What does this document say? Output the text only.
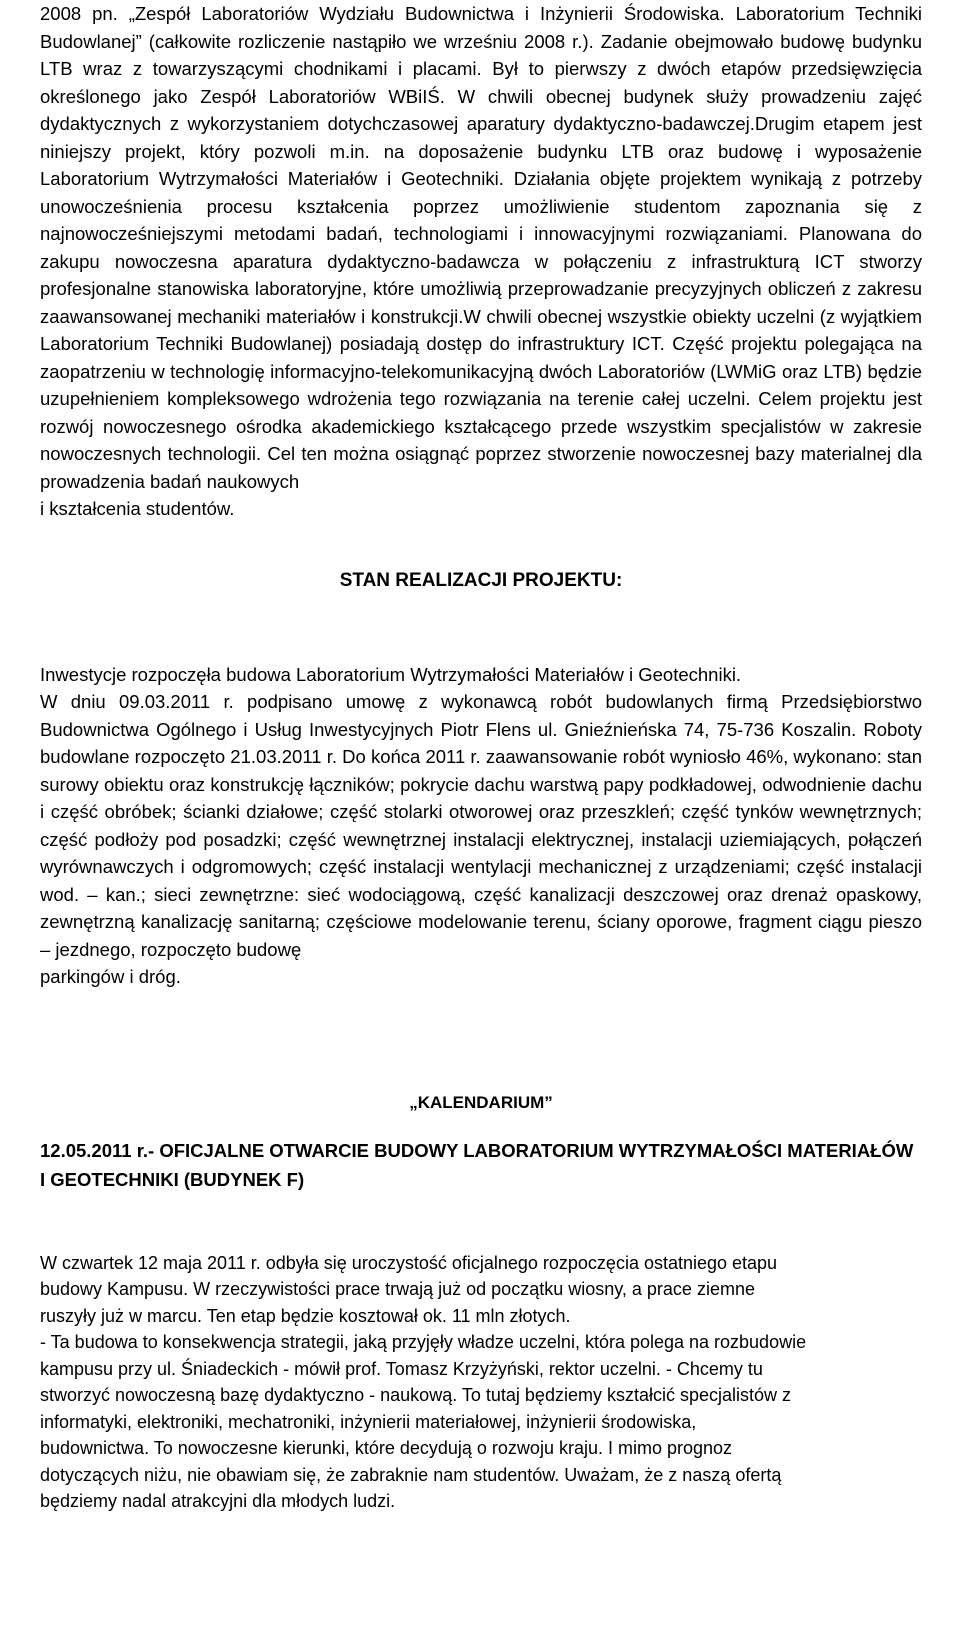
2008 pn. „Zespół Laboratoriów Wydziału Budownictwa i Inżynierii Środowiska. Laboratorium Techniki Budowlanej” (całkowite rozliczenie nastąpiło we wrześniu 2008 r.). Zadanie obejmowało budowę budynku LTB wraz z towarzyszącymi chodnikami i placami. Był to pierwszy z dwóch etapów przedsięwzięcia określonego jako Zespół Laboratoriów WBiIŚ. W chwili obecnej budynek służy prowadzeniu zajęć dydaktycznych z wykorzystaniem dotychczasowej aparatury dydaktyczno-badawczej.Drugim etapem jest niniejszy projekt, który pozwoli m.in. na doposażenie budynku LTB oraz budowę i wyposażenie Laboratorium Wytrzymałości Materiałów i Geotechniki. Działania objęte projektem wynikają z potrzeby unowocześnienia procesu kształcenia poprzez umożliwienie studentom zapoznania się z najnowocześniejszymi metodami badań, technologiami i innowacyjnymi rozwiązaniami. Planowana do zakupu nowoczesna aparatura dydaktyczno-badawcza w połączeniu z infrastrukturą ICT stworzy profesjonalne stanowiska laboratoryjne, które umożliwią przeprowadzanie precyzyjnych obliczeń z zakresu zaawansowanej mechaniki materiałów i konstrukcji.W chwili obecnej wszystkie obiekty uczelni (z wyjątkiem Laboratorium Techniki Budowlanej) posiadają dostęp do infrastruktury ICT. Część projektu polegająca na zaopatrzeniu w technologię informacyjno-telekomunikacyjną dwóch Laboratoriów (LWMiG oraz LTB) będzie uzupełnieniem kompleksowego wdrożenia tego rozwiązania na terenie całej uczelni. Celem projektu jest rozwój nowoczesnego ośrodka akademickiego kształcącego przede wszystkim specjalistów w zakresie nowoczesnych technologii. Cel ten można osiągnąć poprzez stworzenie nowoczesnej bazy materialnej dla prowadzenia badań naukowych

i kształcenia studentów.

STAN REALIZACJI PROJEKTU:

Inwestycje rozpoczęła budowa Laboratorium Wytrzymałości Materiałów i Geotechniki.

W dniu 09.03.2011 r. podpisano umowę z wykonawcą robót budowlanych firmą Przedsiębiorstwo Budownictwa Ogólnego i Usług Inwestycyjnych Piotr Flens ul. Gnieźnieńska 74, 75-736 Koszalin. Roboty budowlane rozpoczęto 21.03.2011 r. Do końca 2011 r. zaawansowanie robót wyniosło 46%, wykonano: stan surowy obiektu oraz konstrukcję łączników; pokrycie dachu warstwą papy podkładowej, odwodnienie dachu i część obróbek; ścianki działowe; część stolarki otworowej oraz przeszkleń; część tynków wewnętrznych; część podłoży pod posadzki; część wewnętrznej instalacji elektrycznej, instalacji uziemiających, połączeń wyrównawczych i odgromowych; część instalacji wentylacji mechanicznej z urządzeniami; część instalacji wod. – kan.; sieci zewnętrzne: sieć wodociągową, część kanalizacji deszczowej oraz drenaż opaskowy, zewnętrzną kanalizację sanitarną; częściowe modelowanie terenu, ściany oporowe, fragment ciągu pieszo – jezdnego, rozpoczęto budowę

parkingów i dróg.

„KALENDARIUM”

12.05.2011 r.- OFICJALNE OTWARCIE BUDOWY LABORATORIUM WYTRZYMAŁOŚCI MATERIAŁÓW I GEOTECHNIKI (BUDYNEK F)

W czwartek 12 maja 2011 r. odbyła się uroczystość oficjalnego rozpoczęcia ostatniego etapu
budowy Kampusu. W rzeczywistości prace trwają już od początku wiosny, a prace ziemne
ruszyły już w marcu. Ten etap będzie kosztował ok. 11 mln złotych.
- Ta budowa to konsekwencja strategii, jaką przyjęły władze uczelni, która polega na rozbudowie
kampusu przy ul. Śniadeckich - mówił prof. Tomasz Krzyżyński, rektor uczelni. - Chcemy tu
stworzyć nowoczesną bazę dydaktyczno - naukową. To tutaj będziemy kształcić specjalistów z
informatyki, elektroniki, mechatroniki, inżynierii materiałowej, inżynierii środowiska,
budownictwa. To nowoczesne kierunki, które decydują o rozwoju kraju. I mimo prognoz
dotyczących niżu, nie obawiam się, że zabraknie nam studentów. Uważam, że z naszą ofertą
będziemy nadal atrakcyjni dla młodych ludzi.
